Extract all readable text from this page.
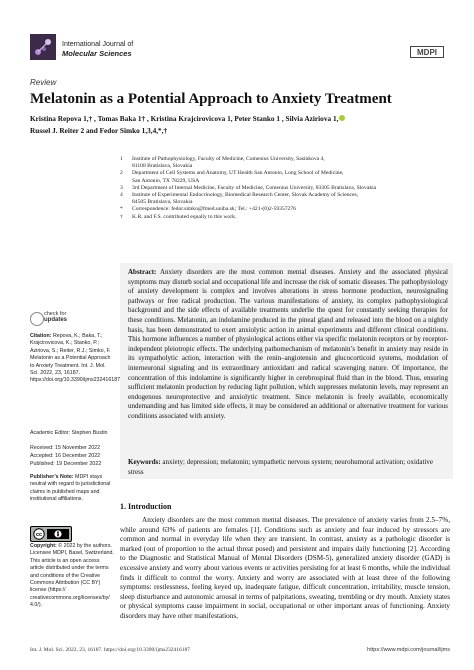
International Journal of
Molecular Sciences	MDPI
Review
Melatonin as a Potential Approach to Anxiety Treatment
Kristina Repova 1,† , Tomas Baka 1† , Kristina Krajcirovicova 1, Peter Stanko 1 , Silvia Aziriova 1,
Russel J. Reiter 2 and Fedor Simko 1,3,4,*,†
1	Institute of Pathophysiology, Faculty of Medicine, Comenius University, Sasinkova 4,
81108 Bratislava, Slovakia
2	Department of Cell Systems and Anatomy, UT Health San Antonio, Long School of Medicine,
San Antonio, TX 78229, USA
3	3rd Department of Internal Medicine, Faculty of Medicine, Comenius University, 83305 Bratislava, Slovakia
4	Institute of Experimental Endocrinology, Biomedical Research Center, Slovak Academy of Sciences,
84505 Bratislava, Slovakia
*	Correspondence: fedor.simko@fmed.uniba.sk; Tel.: +421-(0)2-59357276
†	K.R. and F.S. contributed equally to this work.
check for
updates
Citation: Repova, K.; Baka, T.; Krajcirovicova, K.; Stanko, P.; Aziriova, S.; Reiter, R.J.; Simko, F. Melatonin as a Potential Approach to Anxiety Treatment. Int. J. Mol. Sci. 2022, 23, 16187. https://doi.org/10.3390/ijms232416187
Academic Editor: Stephen Bustin
Received: 15 November 2022
Accepted: 16 December 2022
Published: 19 December 2022
Publisher’s Note: MDPI stays neutral with regard to jurisdictional claims in published maps and institutional affiliations.
cc
Copyright: © 2022 by the authors. Licensee MDPI, Basel, Switzerland. This article is an open access article distributed under the terms and conditions of the Creative Commons Attribution (CC BY) license (https:// creativecommons.org/licenses/by/ 4.0/).
Abstract: Anxiety disorders are the most common mental diseases. Anxiety and the associated physical symptoms may disturb social and occupational life and increase the risk of somatic diseases. The pathophysiology of anxiety development is complex and involves alterations in stress hormone production, neurosignaling pathways or free radical production. The various manifestations of anxiety, its complex pathophysiological background and the side effects of available treatments underlie the quest for constantly seeking therapies for these conditions. Melatonin, an indolamine produced in the pineal gland and released into the blood on a nightly basis, has been demonstrated to exert anxiolytic action in animal experiments and different clinical conditions. This hormone influences a number of physiological actions either via specific melatonin receptors or by receptor-independent pleiotropic effects. The underlying pathomechanism of melatonin’s benefit in anxiety may reside in its sympatholytic action, interaction with the renin–angiotensin and glucocorticoid systems, modulation of interneuronal signaling and its extraordinary antioxidant and radical scavenging nature. Of importance, the concentration of this indolamine is significantly higher in cerebrospinal fluid than in the blood. Thus, ensuring sufficient melatonin production by reducing light pollution, which suppresses melatonin levels, may represent an endogenous neuroprotective and anxiolytic treatment. Since melatonin is freely available, economically undemanding and has limited side effects, it may be considered an additional or alternative treatment for various conditions associated with anxiety.
Keywords: anxiety; depression; melatonin; sympathetic nervous system; neurohumoral activation; oxidative stress
1. Introduction
Anxiety disorders are the most common mental diseases. The prevalence of anxiety varies from 2.5–7%, while around 63% of patients are females [1]. Conditions such as anxiety and fear induced by stressors are common and normal in everyday life when they are transient. In contrast, anxiety as a pathologic disorder is marked (out of proportion to the actual threat posed) and persistent and impairs daily functioning [2]. According to the Diagnostic and Statistical Manual of Mental Disorders (DSM-5), generalized anxiety disorder (GAD) is excessive anxiety and worry about various events or activities persisting for at least 6 months, while the individual finds it difficult to control the worry. Anxiety and worry are associated with at least three of the following symptoms: restlessness, feeling keyed up, inadequate fatigue, difficult concentration, irritability, muscle tension, sleep disturbance and autonomic arousal in terms of palpitations, sweating, trembling or dry mouth. Anxiety states or physical symptoms cause impairment in social, occupational or other important areas of functioning. Anxiety disorders may have other manifestations,
Int. J. Mol. Sci. 2022, 23, 16187. https://doi.org/10.3390/ijms232416187	https://www.mdpi.com/journal/ijms
